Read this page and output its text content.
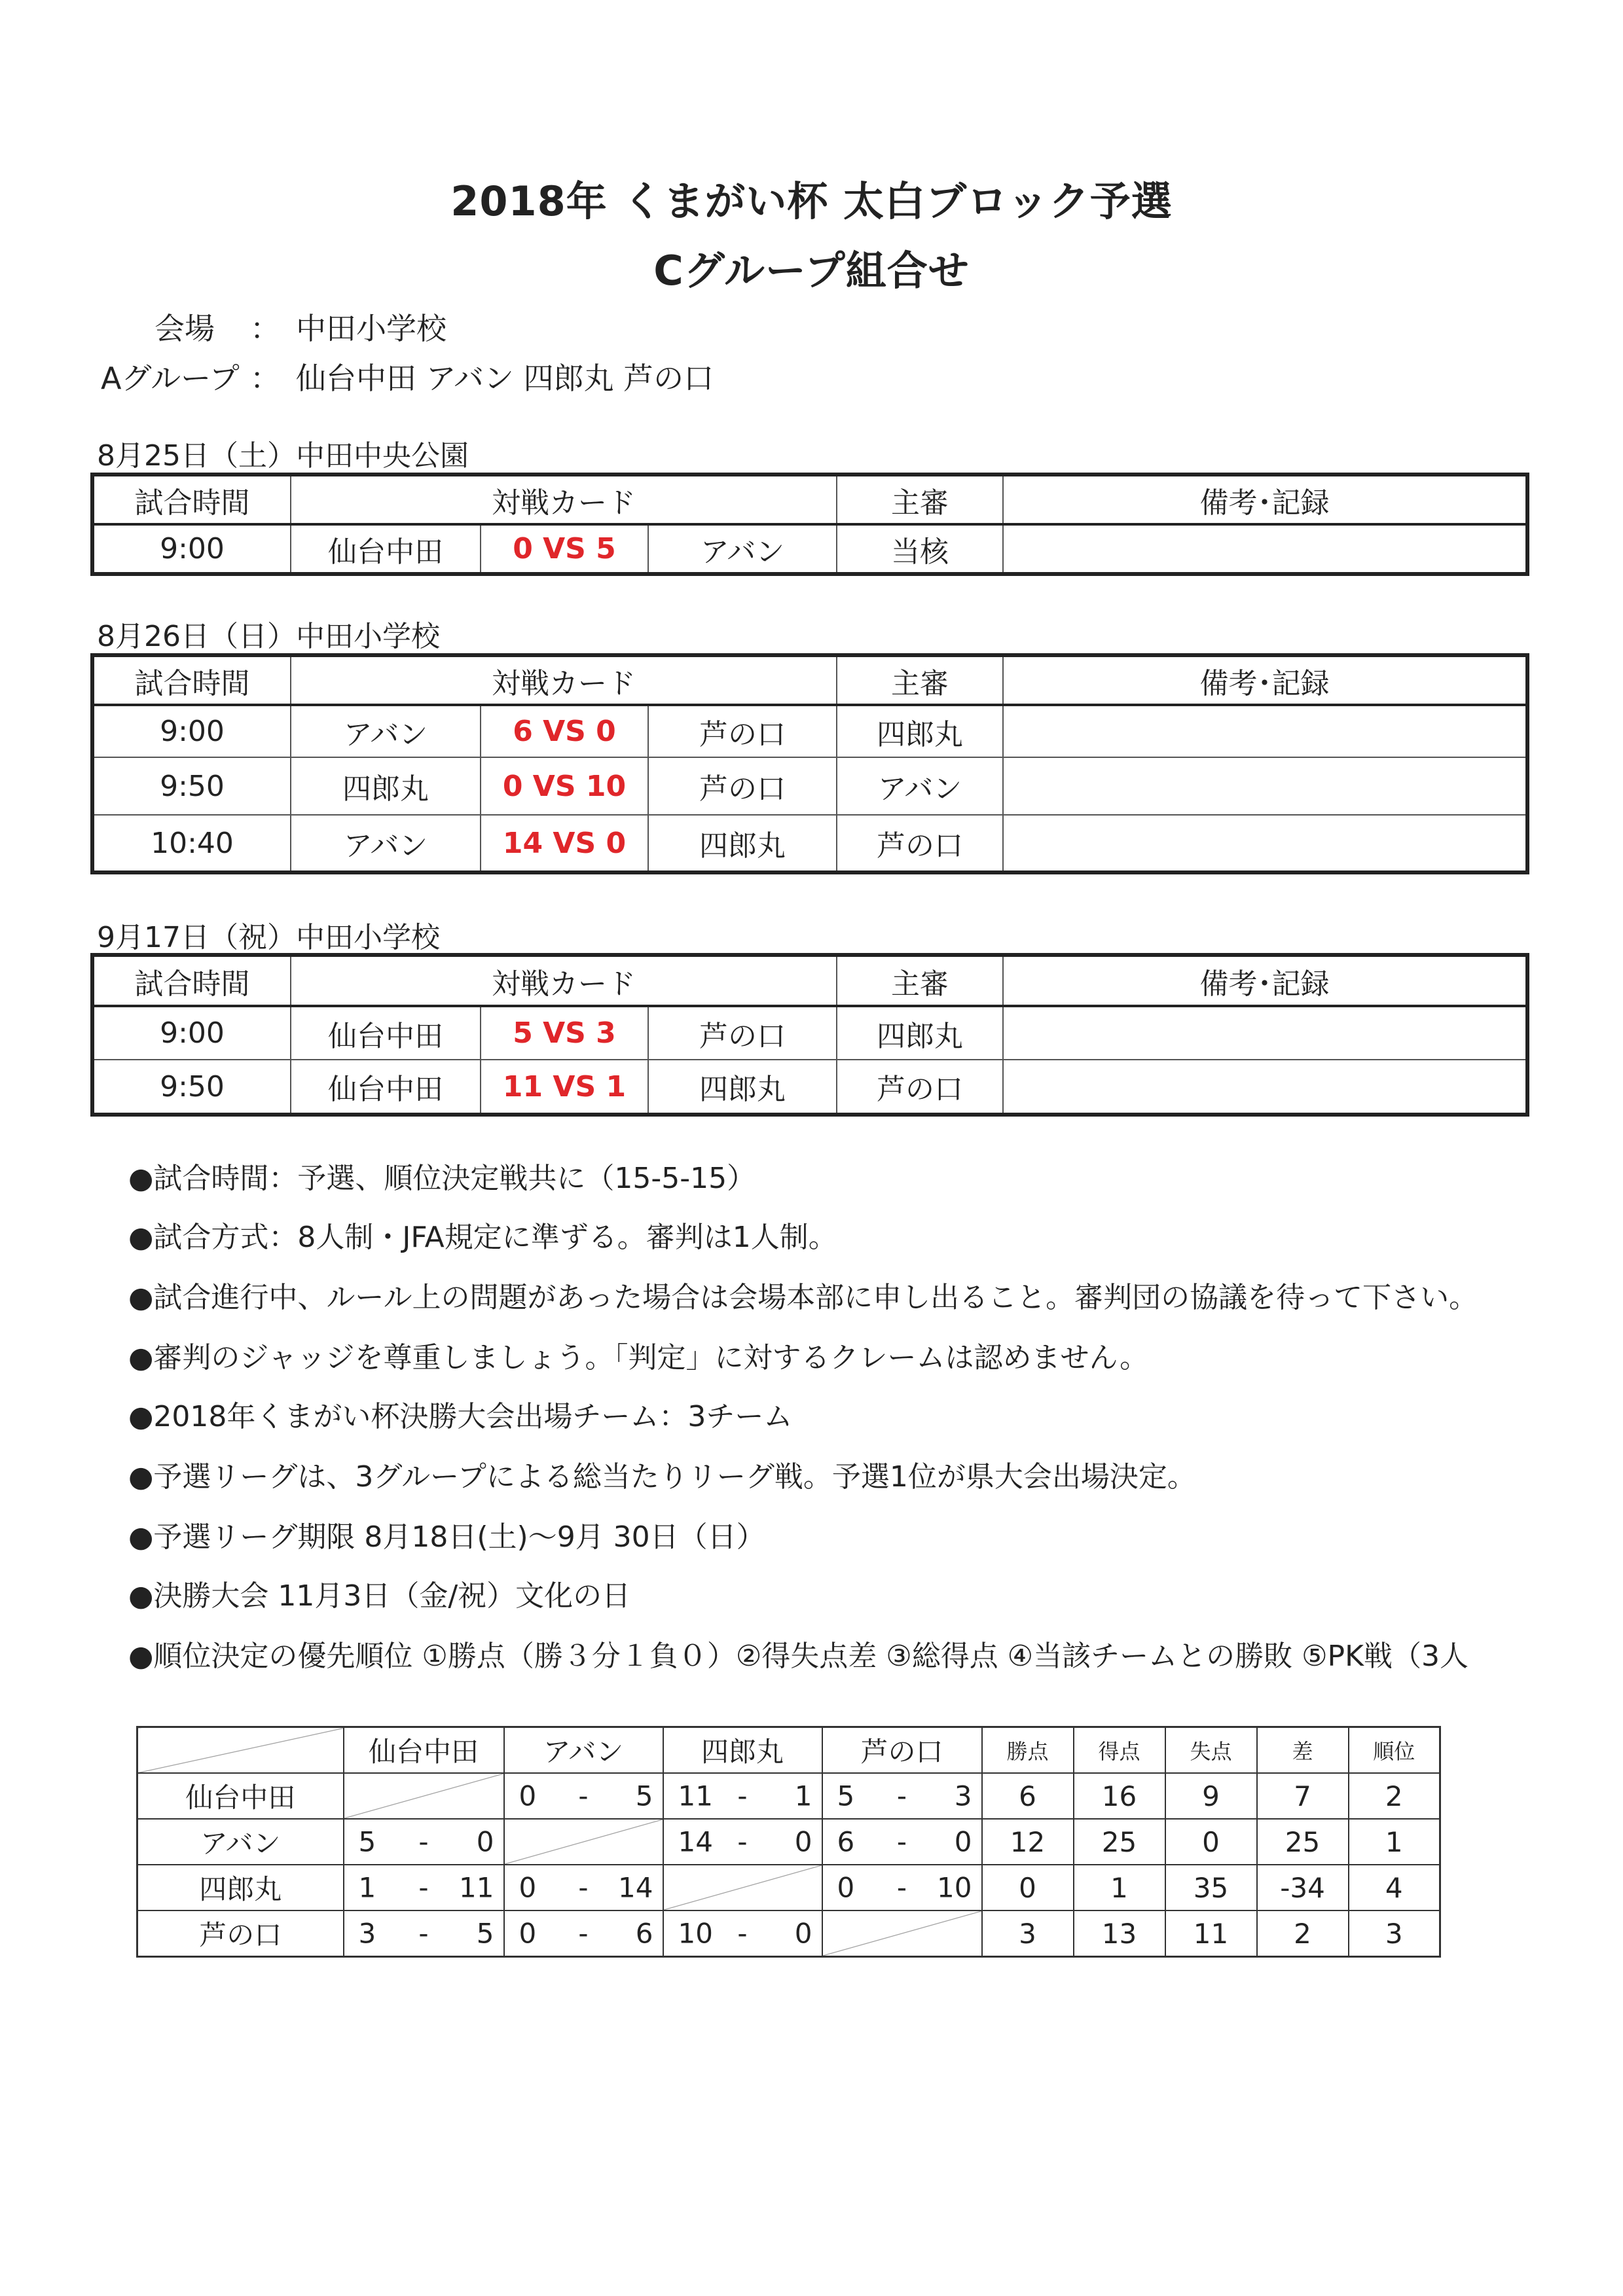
2018年 くまがい杯 太白ブロック予選
Cグループ組合せ
会場 ： 中田小学校
Aグループ ： 仙台中田 アバン 四郎丸 芦の口
8月25日（土）中田中央公園
試合時間	対戦カード			主審	備考･記録
9:00	仙台中田	0 VS 5	アバン	当核	
8月26日（日）中田小学校
試合時間	対戦カード			主審	備考･記録
9:00	アバン	6 VS 0	芦の口	四郎丸	
9:50	四郎丸	0 VS 10	芦の口	アバン	
10:40	アバン	14 VS 0	四郎丸	芦の口	
9月17日（祝）中田小学校
試合時間	対戦カード			主審	備考･記録
9:00	仙台中田	5 VS 3	芦の口	四郎丸	
9:50	仙台中田	11 VS 1	四郎丸	芦の口	
●試合時間：予選、順位決定戦共に（15-5-15）
●試合方式：8人制・JFA規定に準ずる。審判は1人制。
●試合進行中、ルール上の問題があった場合は会場本部に申し出ること。審判団の協議を待って下さい。
●審判のジャッジを尊重しましょう。「判定」に対するクレームは認めません。
●2018年くまがい杯決勝大会出場チーム：3チーム
●予選リーグは、3グループによる総当たりリーグ戦。予選1位が県大会出場決定。
●予選リーグ期限 8月18日(土)～9月 30日（日）
●決勝大会 11月3日（金/祝）文化の日
●順位決定の優先順位 ①勝点（勝３分１負０）②得失点差 ③総得点 ④当該チームとの勝敗 ⑤PK戦（3人
	仙台中田	アバン	四郎丸	芦の口	勝点	得点	失点	差	順位
仙台中田		0 - 5	11 - 1	5 - 3	6	16	9	7	2
アバン	5 - 0		14 - 0	6 - 0	12	25	0	25	1
四郎丸	1 - 11	0 - 14		0 - 10	0	1	35	-34	4
芦の口	3 - 5	0 - 6	10 - 0		3	13	11	2	3
